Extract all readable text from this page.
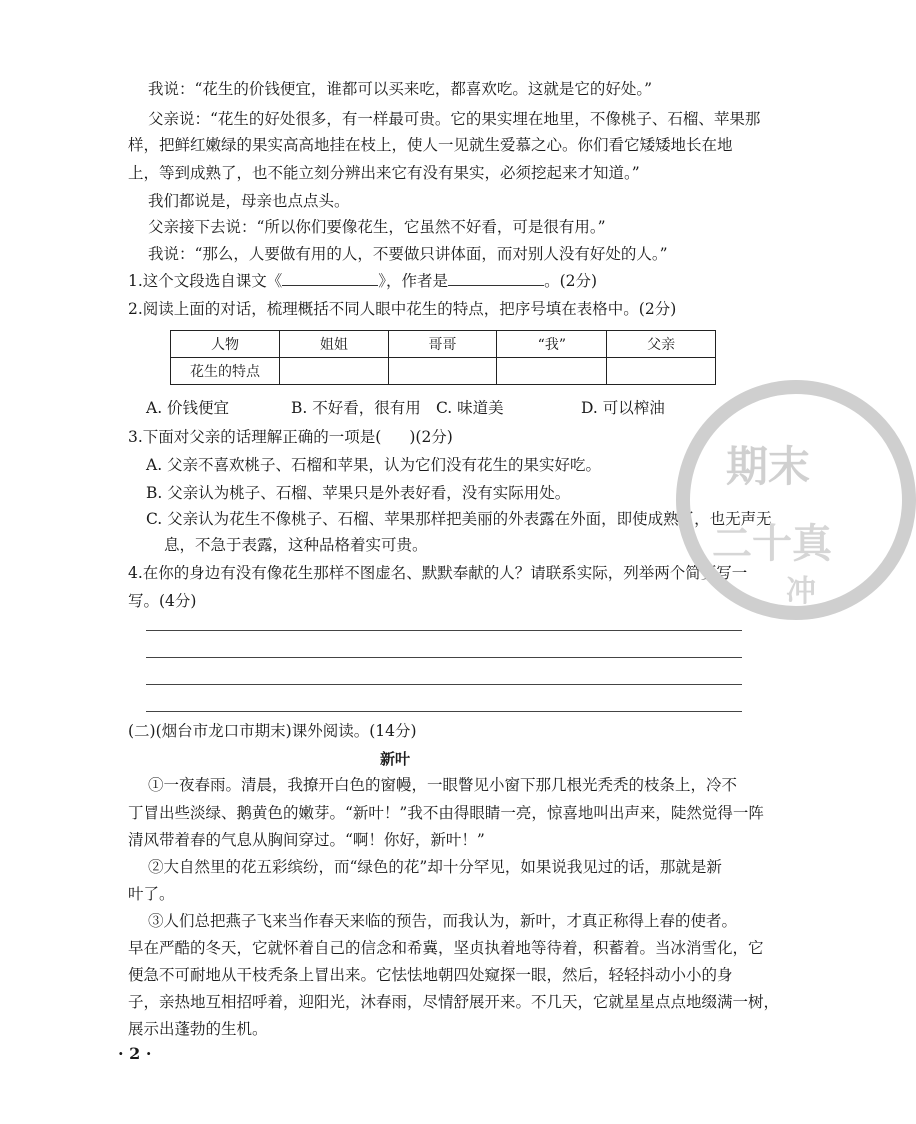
我说：“花生的价钱便宜，谁都可以买来吃，都喜欢吃。这就是它的好处。”
父亲说：“花生的好处很多，有一样最可贵。它的果实埋在地里，不像桃子、石榴、苹果那
样，把鲜红嫩绿的果实高高地挂在枝上，使人一见就生爱慕之心。你们看它矮矮地长在地
上，等到成熟了，也不能立刻分辨出来它有没有果实，必须挖起来才知道。”
我们都说是，母亲也点点头。
父亲接下去说：“所以你们要像花生，它虽然不好看，可是很有用。”
我说：“那么，人要做有用的人，不要做只讲体面，而对别人没有好处的人。”
1.这个文段选自课文《	》，作者是	。(2分)
2.阅读上面的对话，梳理概括不同人眼中花生的特点，把序号填在表格中。(2分)
人物	姐姐	哥哥	“我”	父亲
花生的特点				
A. 价钱便宜	B. 不好看，很有用 C. 味道美	D. 可以榨油
3.下面对父亲的话理解正确的一项是( )(2分)
A. 父亲不喜欢桃子、石榴和苹果，认为它们没有花生的果实好吃。
B. 父亲认为桃子、石榴、苹果只是外表好看，没有实际用处。
C. 父亲认为花生不像桃子、石榴、苹果那样把美丽的外表露在外面，即使成熟了，也无声无
息，不急于表露，这种品格着实可贵。
4.在你的身边有没有像花生那样不图虚名、默默奉献的人？请联系实际，列举两个简要写一
写。(4分)
(二)(烟台市龙口市期末)课外阅读。(14分)
新叶
①一夜春雨。清晨，我撩开白色的窗幔，一眼瞥见小窗下那几根光秃秃的枝条上，冷不
丁冒出些淡绿、鹅黄色的嫩芽。“新叶！”我不由得眼睛一亮，惊喜地叫出声来，陡然觉得一阵
清风带着春的气息从胸间穿过。“啊！你好，新叶！”
②大自然里的花五彩缤纷，而“绿色的花”却十分罕见，如果说我见过的话，那就是新
叶了。
③人们总把燕子飞来当作春天来临的预告，而我认为，新叶，才真正称得上春的使者。
早在严酷的冬天，它就怀着自己的信念和希冀，坚贞执着地等待着，积蓄着。当冰消雪化，它
便急不可耐地从干枝秃条上冒出来。它怯怯地朝四处窥探一眼，然后，轻轻抖动小小的身
子，亲热地互相招呼着，迎阳光，沐春雨，尽情舒展开来。不几天，它就星星点点地缀满一树，
展示出蓬勃的生机。
· 2 ·
期末
二十真
冲
